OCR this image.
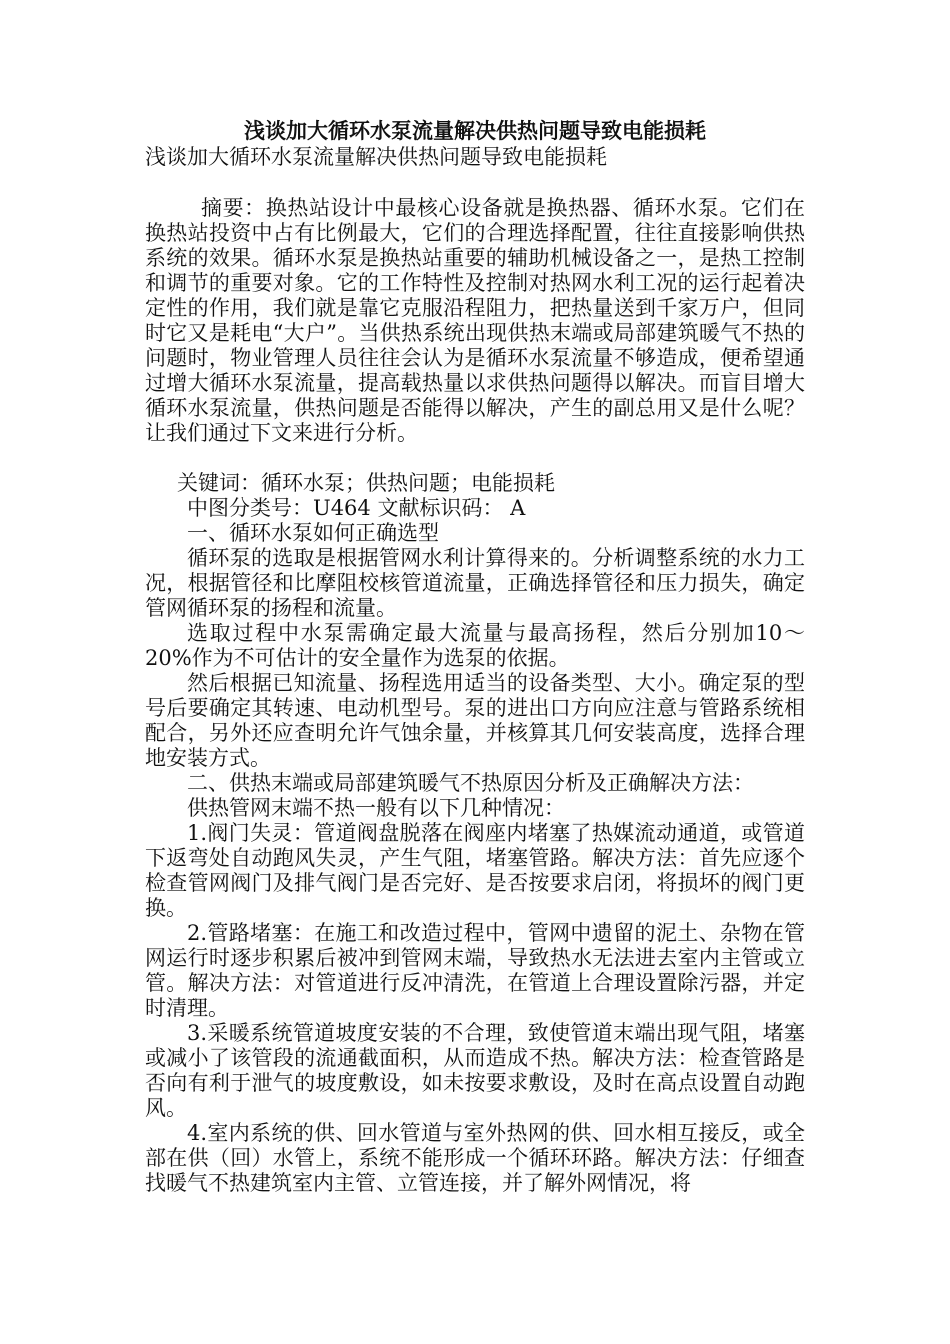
浅谈加大循环水泵流量解决供热问题导致电能损耗

浅谈加大循环水泵流量解决供热问题导致电能损耗

摘要：换热站设计中最核心设备就是换热器、循环水泵。它们在换热站投资中占有比例最大，它们的合理选择配置，往往直接影响供热系统的效果。循环水泵是换热站重要的辅助机械设备之一，是热工控制和调节的重要对象。它的工作特性及控制对热网水利工况的运行起着决定性的作用，我们就是靠它克服沿程阻力，把热量送到千家万户，但同时它又是耗电“大户”。当供热系统出现供热末端或局部建筑暖气不热的问题时，物业管理人员往往会认为是循环水泵流量不够造成，便希望通过增大循环水泵流量，提高载热量以求供热问题得以解决。而盲目增大循环水泵流量，供热问题是否能得以解决，产生的副总用又是什么呢？让我们通过下文来进行分析。

关键词：循环水泵；供热问题；电能损耗

中图分类号：U464 文献标识码： A

一、循环水泵如何正确选型

循环泵的选取是根据管网水利计算得来的。分析调整系统的水力工况，根据管径和比摩阻校核管道流量，正确选择管径和压力损失，确定管网循环泵的扬程和流量。

选取过程中水泵需确定最大流量与最高扬程，然后分别加10～20%作为不可估计的安全量作为选泵的依据。

然后根据已知流量、扬程选用适当的设备类型、大小。确定泵的型号后要确定其转速、电动机型号。泵的进出口方向应注意与管路系统相配合，另外还应查明允许气蚀余量，并核算其几何安装高度，选择合理地安装方式。

二、供热末端或局部建筑暖气不热原因分析及正确解决方法：

供热管网末端不热一般有以下几种情况：

1.阀门失灵：管道阀盘脱落在阀座内堵塞了热媒流动通道，或管道下返弯处自动跑风失灵，产生气阻，堵塞管路。解决方法：首先应逐个检查管网阀门及排气阀门是否完好、是否按要求启闭，将损坏的阀门更换。

2.管路堵塞：在施工和改造过程中，管网中遗留的泥土、杂物在管网运行时逐步积累后被冲到管网末端，导致热水无法进去室内主管或立管。解决方法：对管道进行反冲清洗，在管道上合理设置除污器，并定时清理。

3.采暖系统管道坡度安装的不合理，致使管道末端出现气阻，堵塞或减小了该管段的流通截面积，从而造成不热。解决方法：检查管路是否向有利于泄气的坡度敷设，如未按要求敷设，及时在高点设置自动跑风。

4.室内系统的供、回水管道与室外热网的供、回水相互接反，或全部在供（回）水管上，系统不能形成一个循环环路。解决方法：仔细查找暖气不热建筑室内主管、立管连接，并了解外网情况，将
